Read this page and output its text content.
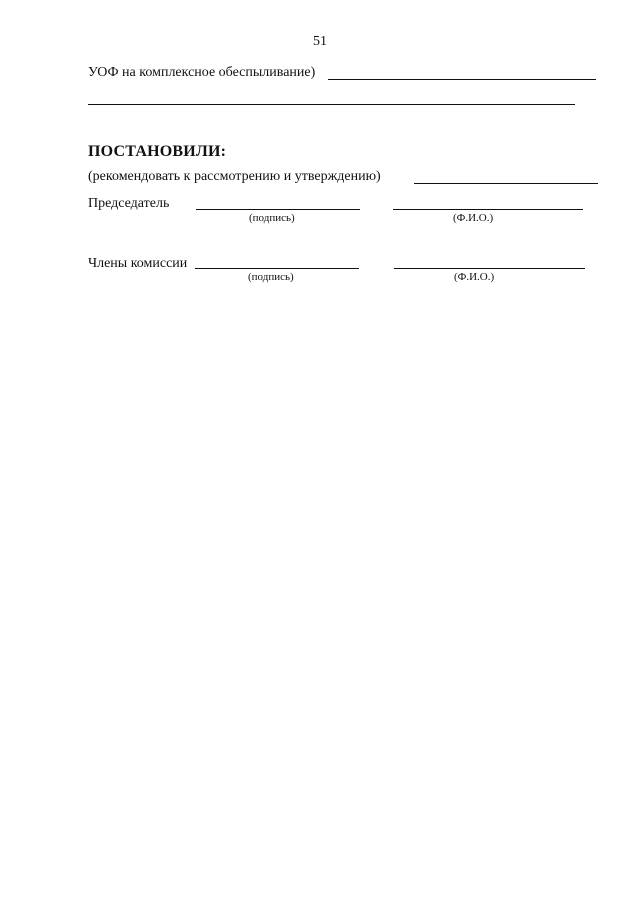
51
УОФ на комплексное обеспыливание)
ПОСТАНОВИЛИ:
(рекомендовать к рассмотрению и утверждению)
Председатель
(подпись)	(Ф.И.О.)
Члены комиссии
(подпись)	(Ф.И.О.)
